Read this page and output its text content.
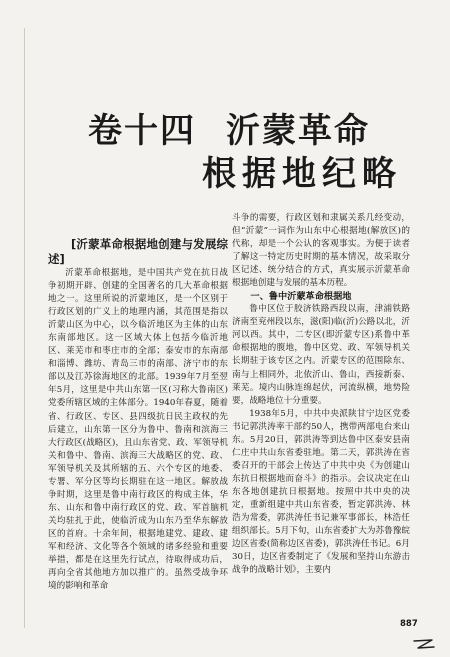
卷十四 沂蒙革命
根据地纪略

[沂蒙革命根据地创建与发展综述]

沂蒙革命根据地，是中国共产党在抗日战争初期开辟、创建的全国著名的几大革命根据地之一。这里所说的沂蒙地区，是一个区别于行政区划的广义上的地理内涵，其范围是指以沂蒙山区为中心，以今临沂地区为主体的山东东南部地区。这一区域大体上包括今临沂地区、莱芜市和枣庄市的全部；泰安市的东南部和淄博、潍坊、青岛三市的南部、济宁市的东部以及江苏徐海地区的北部。1939年7月至翌年5月，这里是中共山东第一区(习称大鲁南区)党委所辖区域的主体部分。1940年春夏，随着省、行政区、专区、县四级抗日民主政权的先后建立，山东第一区分为鲁中、鲁南和滨海三大行政区(战略区)，且山东省党、政、军领导机关和鲁中、鲁南、滨海三大战略区的党、政、军领导机关及其所辖的五、六个专区的地委、专署、军分区等均长期驻在这一地区。解放战争时期，这里是鲁中南行政区的构成主体，华东、山东和鲁中南行政区的党、政、军首脑机关均驻扎于此，使临沂成为山东乃至华东解放区的首府。十余年间，根据地建党、建政、建军和经济、文化等各个领域的诸多经验和重要举措，都是在这里先行试点，待取得成功后，再向全省其他地方加以推广的。虽然受战争环境的影响和革命

斗争的需要，行政区划和隶属关系几经变动，但“沂蒙”一词作为山东中心根据地(解放区)的代称，却是一个公认的客观事实。为便于读者了解这一特定历史时期的基本情况，故采取分区记述、统分结合的方式，真实展示沂蒙革命根据地创建与发展的基本历程。

一、鲁中沂蒙革命根据地

鲁中区位于胶济铁路西段以南，津浦铁路济南至兖州段以东，滋(阳)临(沂)公路以北，沂河以西。其中，二专区(即沂蒙专区)系鲁中革命根据地的腹地，鲁中区党、政、军领导机关长期驻于该专区之内。沂蒙专区的范围除东、南与上相同外，北依沂山、鲁山，西接新泰、莱芜。境内山脉连绵起伏，河流纵横，地势险要，战略地位十分重要。

1938年5月，中共中央派陕甘宁边区党委书记郭洪涛率干部约50人，携带两部电台来山东。5月20日，郭洪涛等到达鲁中区泰安县南仁庄中共山东省委驻地。第二天，郭洪涛在省委召开的干部会上传达了中共中央《为创建山东抗日根据地而奋斗》的指示。会议决定在山东各地创建抗日根据地。按照中共中央的决定，重新组建中共山东省委，暂定郭洪涛、林浩为常委，郭洪涛任书记兼军事部长，林浩任组织部长。5月下旬，山东省委扩大为苏鲁豫皖边区省委(简称边区省委)，郭洪涛任书记。6月30日，边区省委制定了《发展和坚持山东游击战争的战略计划》，主要内

887
